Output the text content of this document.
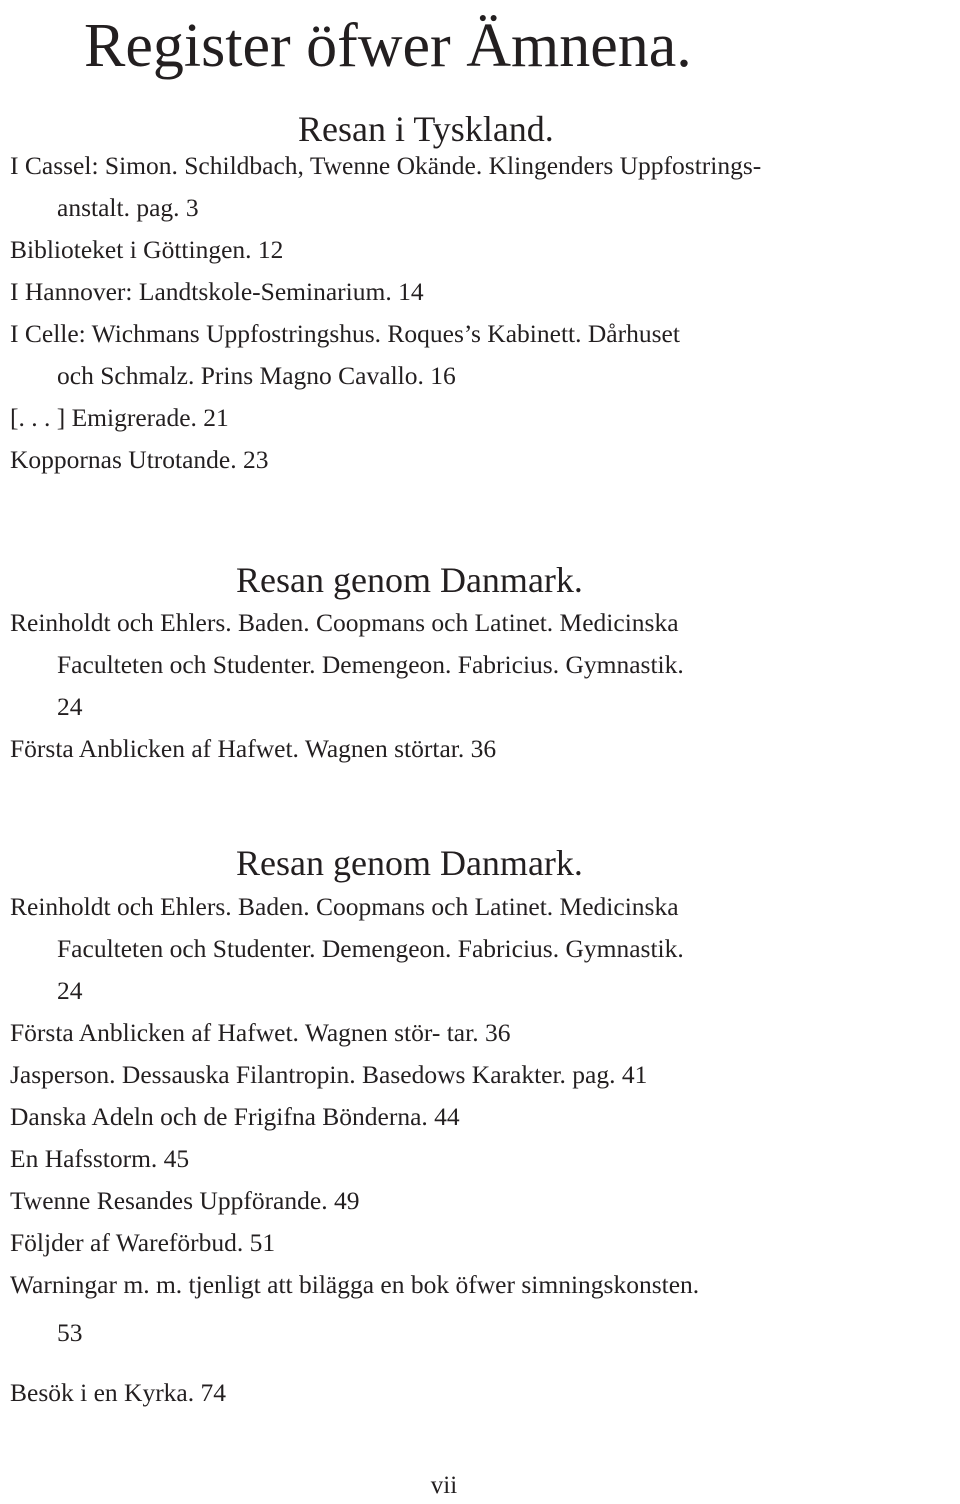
Register öfwer Ämnena.
Resan i Tyskland.
I Cassel: Simon. Schildbach, Twenne Okände. Klingenders Uppfostrings-
anstalt. pag. 3
Biblioteket i Göttingen. 12
I Hannover: Landtskole-Seminarium. 14
I Celle: Wichmans Uppfostringshus. Roques’s Kabinett. Dårhuset
och Schmalz. Prins Magno Cavallo. 16
[. . . ] Emigrerade. 21
Koppornas Utrotande. 23
Resan genom Danmark.
Reinholdt och Ehlers. Baden. Coopmans och Latinet. Medicinska
Faculteten och Studenter. Demengeon. Fabricius. Gymnastik.
24
Första Anblicken af Hafwet. Wagnen störtar. 36
Resan genom Danmark.
Reinholdt och Ehlers. Baden. Coopmans och Latinet. Medicinska
Faculteten och Studenter. Demengeon. Fabricius. Gymnastik.
24
Första Anblicken af Hafwet. Wagnen stör- tar. 36
Jasperson. Dessauska Filantropin. Basedows Karakter. pag. 41
Danska Adeln och de Frigifna Bönderna. 44
En Hafsstorm. 45
Twenne Resandes Uppförande. 49
Följder af Wareförbud. 51
Warningar m. m. tjenligt att bilägga en bok öfwer simningskonsten.
53
Besök i en Kyrka. 74
vii
